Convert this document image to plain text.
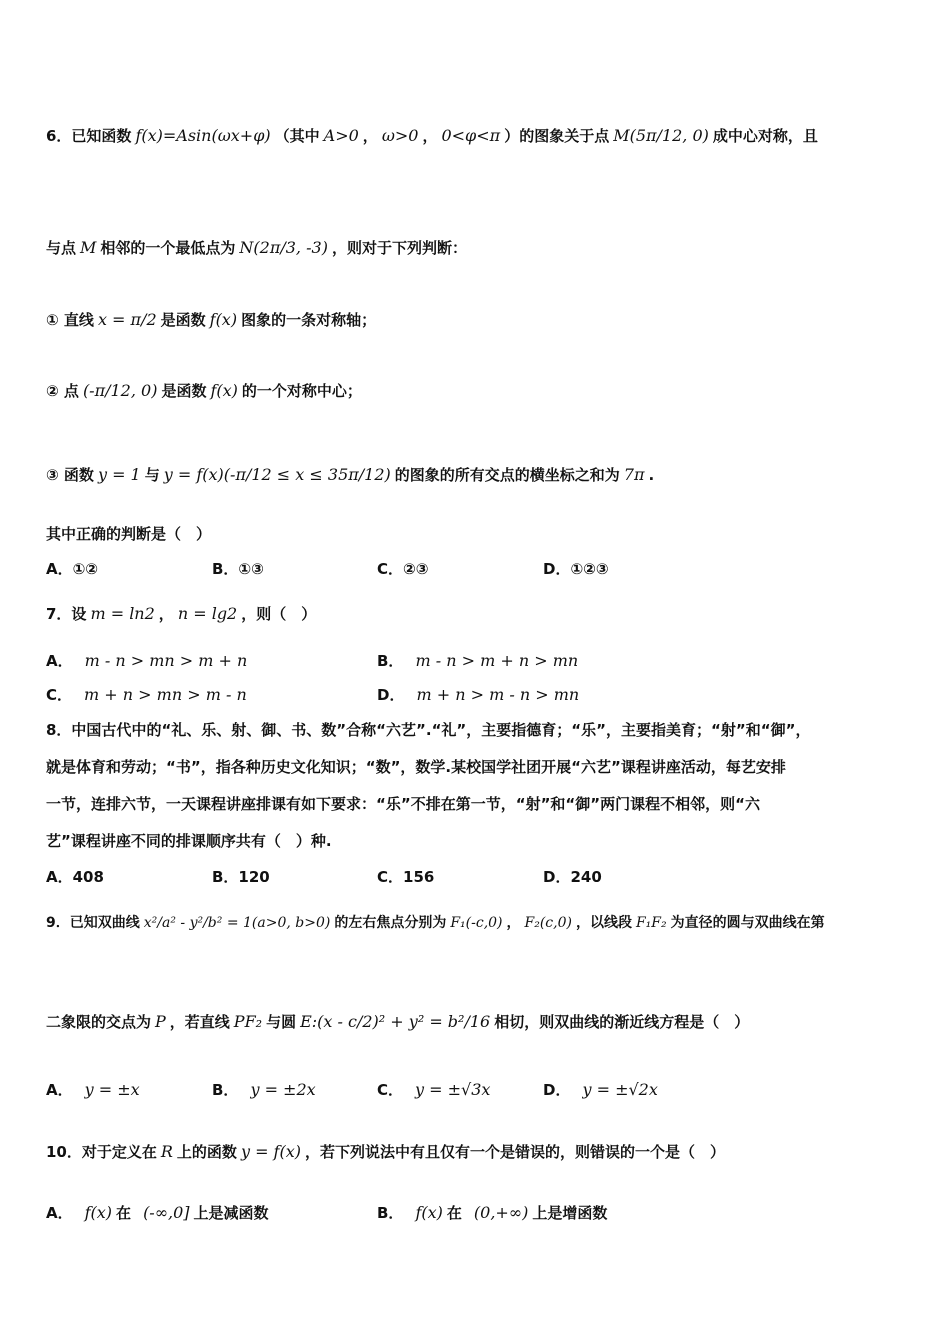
6．已知函数 f(x)=Asin(ωx+φ) （其中 A>0 ， ω>0 ， 0<φ<π ）的图象关于点 M(5π/12, 0) 成中心对称，且
与点 M 相邻的一个最低点为 N(2π/3, -3) ，则对于下列判断：
① 直线 x = π/2 是函数 f(x) 图象的一条对称轴；
② 点 (-π/12, 0) 是函数 f(x) 的一个对称中心；
③ 函数 y = 1 与 y = f(x)(-π/12 ≤ x ≤ 35π/12) 的图象的所有交点的横坐标之和为 7π .
其中正确的判断是（　）
A．①②	B．①③	C．②③	D．①②③
7．设 m = ln2 ， n = lg2 ，则（　）
A． m - n > mn > m + n	B． m - n > m + n > mn
C． m + n > mn > m - n	D． m + n > m - n > mn
8．中国古代中的“礼、乐、射、御、书、数”合称“六艺”.“礼”，主要指德育；“乐”，主要指美育；“射”和“御”，
就是体育和劳动；“书”，指各种历史文化知识；“数”，数学.某校国学社团开展“六艺”课程讲座活动，每艺安排
一节，连排六节，一天课程讲座排课有如下要求：“乐”不排在第一节，“射”和“御”两门课程不相邻，则“六
艺”课程讲座不同的排课顺序共有（　）种.
A．408	B．120	C．156	D．240
9．已知双曲线 x²/a² - y²/b² = 1(a>0, b>0) 的左右焦点分别为 F₁(-c,0) ， F₂(c,0) ，以线段 F₁F₂ 为直径的圆与双曲线在第
二象限的交点为 P ，若直线 PF₂ 与圆 E:(x - c/2)² + y² = b²/16 相切，则双曲线的渐近线方程是（　）
A． y = ±x	B． y = ±2x	C． y = ±√3x	D． y = ±√2x
10．对于定义在 R 上的函数 y = f(x) ，若下列说法中有且仅有一个是错误的，则错误的一个是（　）
A． f(x) 在 (-∞,0] 上是减函数	B． f(x) 在 (0,+∞) 上是增函数
